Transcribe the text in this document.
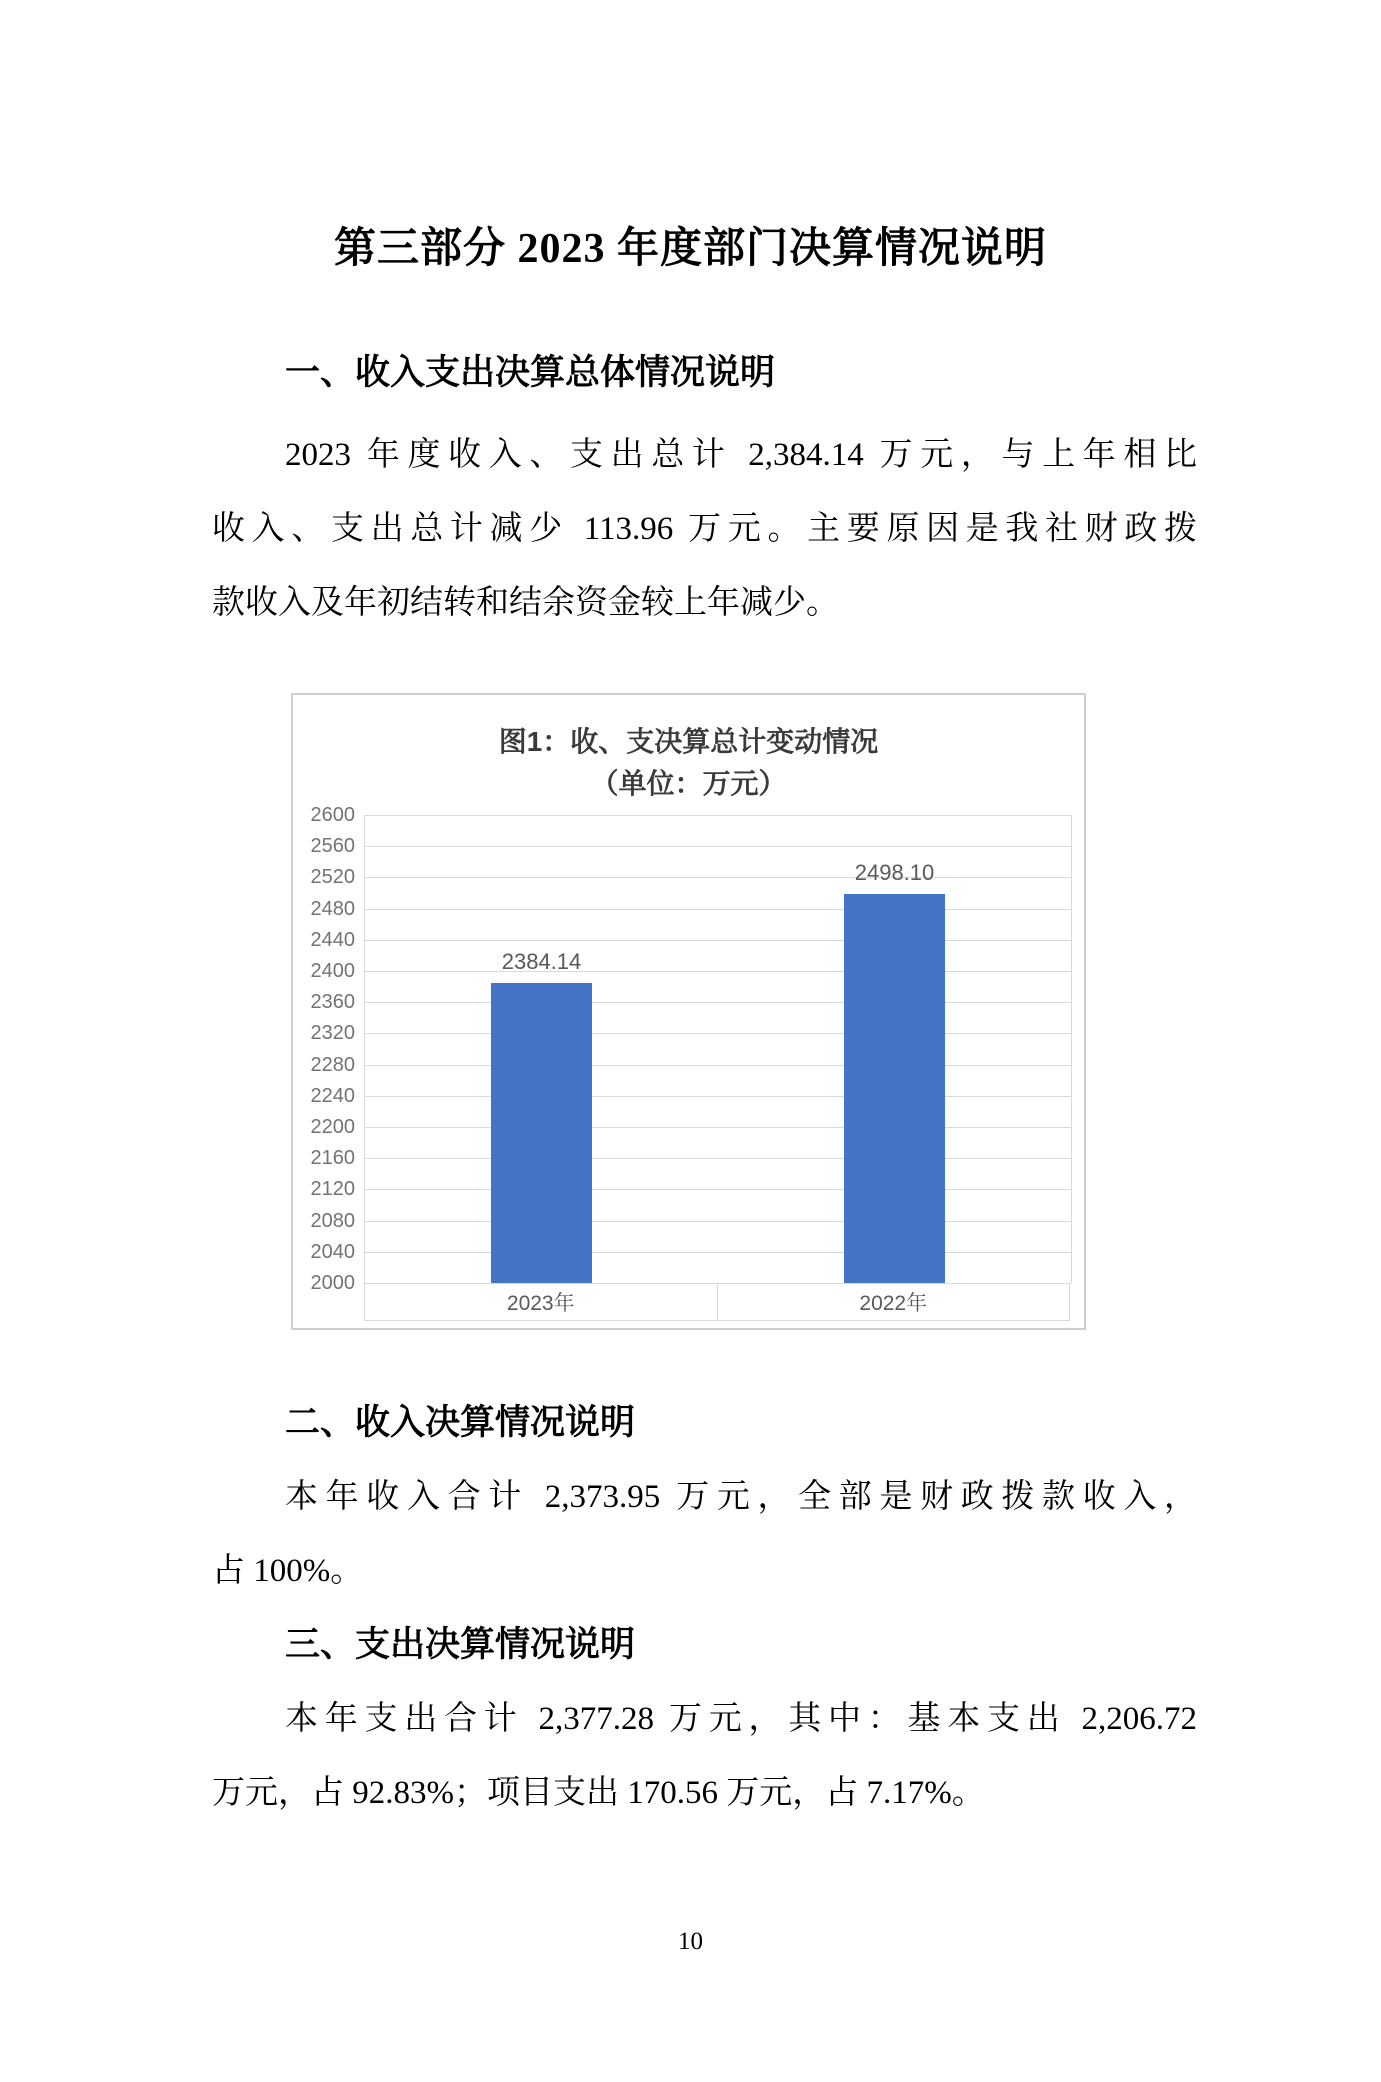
第三部分 2023 年度部门决算情况说明
一、收入支出决算总体情况说明
2023 年度收入、支出总计 2,384.14 万元，与上年相比
收入、支出总计减少 113.96 万元。主要原因是我社财政拨
款收入及年初结转和结余资金较上年减少。
图1：收、支决算总计变动情况
（单位：万元）
2384.14
2498.10
2023年	2022年
2600
2560
2520
2480
2440
2400
2360
2320
2280
2240
2200
2160
2120
2080
2040
2000
二、收入决算情况说明
本年收入合计 2,373.95 万元，全部是财政拨款收入，
占 100%。
三、支出决算情况说明
本年支出合计 2,377.28 万元，其中：基本支出 2,206.72
万元，占 92.83%；项目支出 170.56 万元，占 7.17%。
10
